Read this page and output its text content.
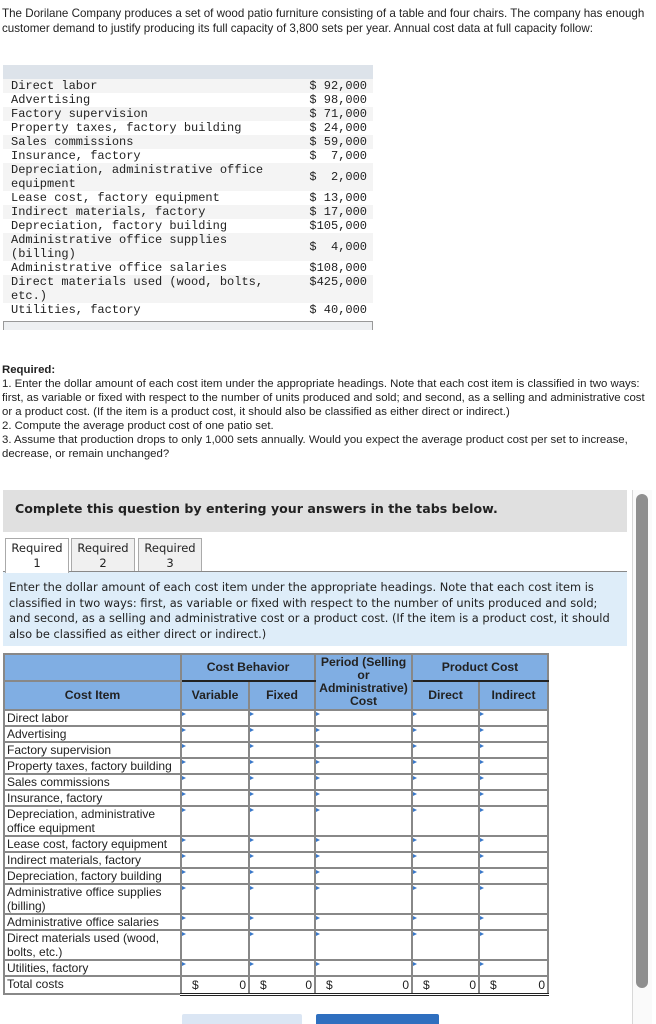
The Dorilane Company produces a set of wood patio furniture consisting of a table and four chairs. The company has enough customer demand to justify producing its full capacity of 3,800 sets per year. Annual cost data at full capacity follow:
Direct labor	$ 92,000
Advertising	$ 98,000
Factory supervision	$ 71,000
Property taxes, factory building	$ 24,000
Sales commissions	$ 59,000
Insurance, factory	$  7,000
Depreciation, administrative office equipment	$  2,000
Lease cost, factory equipment	$ 13,000
Indirect materials, factory	$ 17,000
Depreciation, factory building	$105,000
Administrative office supplies (billing)	$  4,000
Administrative office salaries	$108,000
Direct materials used (wood, bolts, etc.)	$425,000
Utilities, factory	$ 40,000
Required:
1. Enter the dollar amount of each cost item under the appropriate headings. Note that each cost item is classified in two ways: first, as variable or fixed with respect to the number of units produced and sold; and second, as a selling and administrative cost or a product cost. (If the item is a product cost, it should also be classified as either direct or indirect.)
2. Compute the average product cost of one patio set.
3. Assume that production drops to only 1,000 sets annually. Would you expect the average product cost per set to increase, decrease, or remain unchanged?
Complete this question by entering your answers in the tabs below.
Required
1
Required
2
Required
3
Enter the dollar amount of each cost item under the appropriate headings. Note that each cost item is classified in two ways: first, as variable or fixed with respect to the number of units produced and sold; and second, as a selling and administrative cost or a product cost. (If the item is a product cost, it should also be classified as either direct or indirect.)
	Cost Behavior		Period (Selling or Administrative) Cost	Product Cost	
Cost Item	Variable	Fixed		Direct	Indirect
Direct labor	

Advertising	

Factory supervision	

Property taxes, factory building	

Sales commissions	

Insurance, factory	

Depreciation, administrative office equipment	

Lease cost, factory equipment	

Indirect materials, factory	

Depreciation, factory building	

Administrative office supplies (billing)	

Administrative office salaries	

Direct materials used (wood, bolts, etc.)	

Utilities, factory	

Total costs	$ 0	$ 0	$ 0	$ 0	$ 0
